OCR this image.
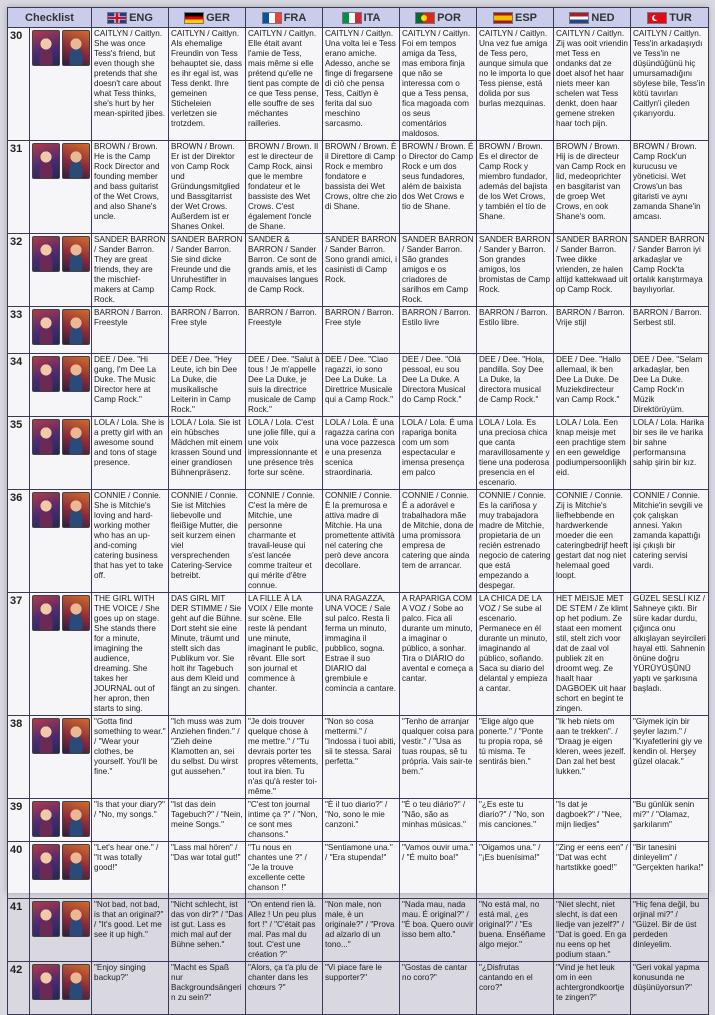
Checklist		ENG	GER	FRA	ITA	POR	ESP	NED	TUR

30		CAITLYN / Caitlyn. She was once Tess's friend, but even though she pretends that she doesn't care about what Tess thinks, she's hurt by her mean-spirited jibes.	CAITLYN / Caitlyn. Als ehemalige Freundin von Tess behauptet sie, dass es ihr egal ist, was Tess denkt. Ihre gemeinen Sticheleien verletzen sie trotzdem.	CAITLYN / Caitlyn. Elle était avant l'amie de Tess, mais même si elle prétend qu'elle ne tient pas compte de ce que Tess pense, elle souffre de ses méchantes railleries.	CAITLYN / Caitlyn. Una volta lei e Tess erano amiche. Adesso, anche se finge di fregarsene di ciò che pensa Tess, Caitlyn è ferita dal suo meschino sarcasmo.	CAITLYN / Caitlyn. Foi em tempos amiga da Tess, mas embora finja que não se interessa com o que a Tess pensa, fica magoada com os seus comentários maldosos.	CAITLYN / Caitlyn. Una vez fue amiga de Tess pero, aunque simula que no le importa lo que Tess piense, está dolida por sus burlas mezquinas.	CAITLYN / Caitlyn. Zij was ooit vriendin met Tess en ondanks dat ze doet alsof het haar niets meer kan schelen wat Tess denkt, doen haar gemene streken haar toch pijn.	CAITLYN / Caitlyn. Tess'in arkadaşıydı ve Tess'in ne düşündüğünü hiç umursamadığını söylese bile, Tess'in kötü tavırları Caitlyn'i çileden çıkarıyordu.
31		BROWN / Brown. He is the Camp Rock Director and founding member and bass guitarist of the Wet Crows, and also Shane's uncle.	BROWN / Brown. Er ist der Direktor von Camp Rock und Gründungsmitglied und Bassgitarrist der Wet Crows. Außerdem ist er Shanes Onkel.	BROWN / Brown. Il est le directeur de Camp Rock, ainsi que le membre fondateur et le bassiste des Wet Crows. C'est également l'oncle de Shane.	BROWN / Brown. È il Direttore di Camp Rock e membro fondatore e bassista dei Wet Crows, oltre che zio di Shane.	BROWN / Brown. É o Director do Camp Rock e um dos seus fundadores, além de baixista dos Wet Crows e tio de Shane.	BROWN / Brown. Es el director de Camp Rock y miembro fundador, además del bajista de los Wet Crows, y también el tío de Shane.	BROWN / Brown. Hij is de directeur van Camp Rock en lid, medeoprichter en basgitarist van de groep Wet Crows, en ook Shane's oom.	BROWN / Brown. Camp Rock'un kurucusu ve yöneticisi. Wet Crows'un bas gitaristi ve aynı zamanda Shane'in amcası.
32		SANDER BARRON / Sander Barron. They are great friends, they are the mischief-makers at Camp Rock.	SANDER BARRON / Sander Barron. Sie sind dicke Freunde und die Unruhestifter in Camp Rock.	SANDER & BARRON / Sander Barron. Ce sont de grands amis, et les mauvaises langues de Camp Rock.	SANDER BARRON / Sander Barron. Sono grandi amici, i casinisti di Camp Rock.	SANDER BARRON / Sander Barron. São grandes amigos e os criadores de sarilhos em Camp Rock.	SANDER BARRON / Sander y Barron. Son grandes amigos, los bromistas de Camp Rock.	SANDER BARRON / Sander Barron. Twee dikke vrienden, ze halen altijd kattekwaad uit op Camp Rock.	SANDER BARRON / Sander Barron iyi arkadaşlar ve Camp Rock'ta ortalık karıştırmaya bayılıyorlar.
33		BARRON / Barron. Freestyle	BARRON / Barron. Free style	BARRON / Barron. Freestyle	BARRON / Barron. Free style	BARRON / Barron. Estilo livre	BARRON / Barron. Estilo libre.	BARRON / Barron. Vrije stijl	BARRON / Barron. Serbest stil.
34		DEE / Dee. "Hi gang, I'm Dee La Duke. The Music Director here at Camp Rock."	DEE / Dee. "Hey Leute, ich bin Dee La Duke, die musikalische Leiterin in Camp Rock."	DEE / Dee. "Salut à tous ! Je m'appelle Dee La Duke, je suis la directrice musicale de Camp Rock."	DEE / Dee. "Ciao ragazzi, io sono Dee La Duke. La Direttrice Musicale qui a Camp Rock."	DEE / Dee. "Olá pessoal, eu sou Dee La Duke. A Directora Musical do Camp Rock."	DEE / Dee. "Hola, pandilla. Soy Dee La Duke, la directora musical de Camp Rock."	DEE / Dee. "Hallo allemaal, ik ben Dee La Duke. De Muziekdirecteur van Camp Rock."	DEE / Dee. "Selam arkadaşlar, ben Dee La Duke. Camp Rock'ın Müzik Direktörüyüm.
35		LOLA / Lola. She is a pretty girl with an awesome sound and tons of stage presence.	LOLA / Lola. Sie ist ein hübsches Mädchen mit einem krassen Sound und einer grandiosen Bühnenpräsenz.	LOLA / Lola. C'est une jolie fille, qui a une voix impressionnante et une présence très forte sur scène.	LOLA / Lola. È una ragazza carina con una voce pazzesca e una presenza scenica straordinaria.	LOLA / Lola. É uma rapariga bonita com um som espectacular e imensa presença em palco	LOLA / Lola. Es una preciosa chica que canta maravillosamente y tiene una poderosa presencia en el escenario.	LOLA / Lola. Een knap meisje met een prachtige stem en een geweldige podiumpersoonlijkheid.	LOLA / Lola. Harika bir ses ile ve harika bir sahne performansına sahip şirin bir kız.
36		CONNIE / Connie. She is Mitchie's loving and hard-working mother who has an up-and-coming catering business that has yet to take off.	CONNIE / Connie. Sie ist Mitchies liebevolle und fleißige Mutter, die seit kurzem einen viel versprechenden Catering-Service betreibt.	CONNIE / Connie. C'est la mère de Mitchie, une personne charmante et travail-leuse qui s'est lancée comme traiteur et qui mérite d'être connue.	CONNIE / Connie. È la premurosa e attiva madre di Mitchie. Ha una promettente attività nel catering che però deve ancora decollare.	CONNIE / Connie. É a adorável e trabalhadora mãe de Mitchie, dona de uma promissora empresa de catering que ainda tem de arrancar.	CONNIE / Connie. Es la cariñosa y muy trabajadora madre de Mitchie, propietaria de un recién estrenado negocio de catering que está empezando a despegar.	CONNIE / Connie. Zij is Mitchie's liefhebbende en hardwerkende moeder die een cateringbedrijf heeft gestart dat nog niet helemaal goed loopt.	CONNIE / Connie. Mitchie'in sevgili ve çok çalışkan annesi. Yakın zamanda kapattığı işi çıkışlı bir catering servisi vardı.
37		THE GIRL WITH THE VOICE / She goes up on stage. She stands there for a minute, imagining the audience, dreaming. She takes her JOURNAL out of her apron, then starts to sing.	DAS GIRL MIT DER STIMME / Sie geht auf die Bühne. Dort steht sie eine Minute, träumt und stellt sich das Publikum vor. Sie holt ihr Tagebuch aus dem Kleid und fängt an zu singen.	LA FILLE À LA VOIX / Elle monte sur scène. Elle reste là pendant une minute, imaginant le public, rêvant. Elle sort son journal et commence à chanter.	UNA RAGAZZA, UNA VOCE / Sale sul palco. Resta lì ferma un minuto, immagina il pubblico, sogna. Estrae il suo DIARIO dal grembiule e comincia a cantare.	A RAPARIGA COM A VOZ / Sobe ao palco. Fica ali durante um minuto, a imaginar o público, a sonhar. Tira o DIÁRIO do avental e começa a cantar.	LA CHICA DE LA VOZ / Se sube al escenario. Permanece en él durante un minuto, imaginando al público, soñando. Saca su diario del delantal y empieza a cantar.	HET MEISJE MET DE STEM / Ze klimt op het podium. Ze staat een moment stil, stelt zich voor dat de zaal vol publiek zit en droomt weg. Ze haalt haar DAGBOEK uit haar schort en begint te zingen.	GÜZEL SESLİ KIZ / Sahneye çıktı. Bir süre kadar durdu, çığınca onu alkışlayan seyircileri hayal etti. Sahnenin önüne doğru YÜRÜYÜŞÜNÜ yaptı ve şarkısına başladı.
38		"Gotta find something to wear." / "Wear your clothes, be yourself. You'll be fine."	"Ich muss was zum Anziehen finden." / "Zieh deine Klamotten an, sei du selbst. Du wirst gut aussehen."	"Je dois trouver quelque chose à me mettre." / "Tu devrais porter tes propres vêtements, tout ira bien. Tu n'as qu'à rester toi-même."	"Non so cosa mettermi." / "Indossa i tuoi abiti, sii te stessa. Sarai perfetta."	"Tenho de arranjar qualquer coisa para vestir." / "Usa as tuas roupas, sê tu própria. Vais sair-te bem."	"Elige algo que ponerte." / "Ponte tu propia ropa, sé tú misma. Te sentirás bien."	"Ik heb niets om aan te trekken". / "Draag je eigen kleren, wees jezelf. Dan zal het best lukken."	"Giymek için bir şeyler lazım." / "Kıyafetlerini giy ve kendin ol. Herşey güzel olacak."
39		"Is that your diary?" / "No, my songs."	"Ist das dein Tagebuch?" / "Nein, meine Songs."	"C'est ton journal intime ça ?" / "Non, ce sont mes chansons."	"È il tuo diario?" / "No, sono le mie canzoni."	"É o teu diário?" / "Não, são as minhas músicas."	"¿Es este tu diario?" / "No, son mis canciones."	"Is dat je dagboek?" / "Nee, mijn liedjes"	"Bu günlük senin mi?" / "Olamaz, şarkılarım"
40		"Let's hear one." / "It was totally good!"	"Lass mal hören" / "Das war total gut!"	"Tu nous en chantes une ?" / "Je la trouve excellente cette chanson !"	"Sentiamone una." / "Era stupenda!"	"Vamos ouvir uma." / "É muito boa!"	"Oigamos una." / "¡Es buenísima!"	"Zing er eens een" / "Dat was echt hartstikke goed!"	"Bir tanesini dinleyelim" / "Gerçekten harika!"
41		"Not bad, not bad, is that an original?" / "It's good. Let me see it up high."	"Nicht schlecht, ist das von dir?" / "Das ist gut. Lass es mich mal auf der Bühne sehen."	"On entend rien là. Allez ! Un peu plus fort !" / "C'était pas mal. Pas mal du tout. C'est une création ?"	"Non male, non male, è un originale?" / "Prova ad alzarlo di un tono..."	"Nada mau, nada mau. É original?" / "É boa. Quero ouvir isso bem alto."	"No está mal, no está mal, ¿es original?" / "Es buena. Enséñame algo mejor."	"Niet slecht, niet slecht, is dat een liedje van jezelf?" / "Dat is goed. En ga nu eens op het podium staan."	"Hiç fena değil, bu orjinal mi?" / "Güzel. Bir de üst perdeden dinleyelim.
42		"Enjoy singing backup?"	"Macht es Spaß nur Backgroundsängerin zu sein?"	"Alors, ça t'a plu de chanter dans les chœurs ?"	"Vi piace fare le supporter?"	"Gostas de cantar no coro?"	"¿Disfrutas cantando en el coro?"	"Vind je het leuk om in een achtergrondkoortje te zingen?"	"Geri vokal yapma konusunda ne düşünüyorsun?"
